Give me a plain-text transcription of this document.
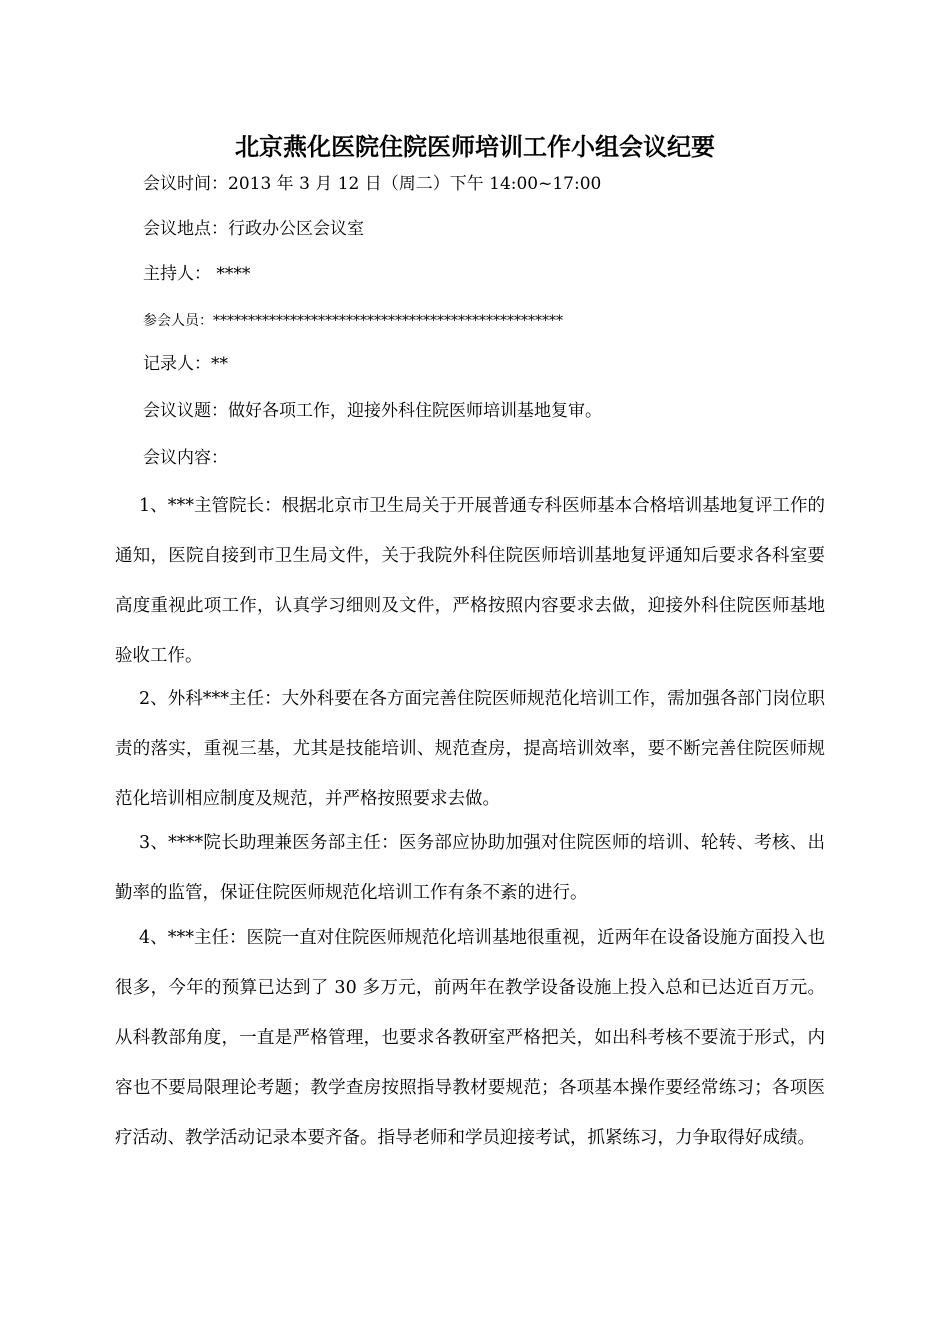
北京燕化医院住院医师培训工作小组会议纪要
会议时间：2013 年 3 月 12 日（周二）下午 14:00~17:00
会议地点：行政办公区会议室
主持人： ****
参会人员：**************************************************
记录人：**
会议议题：做好各项工作，迎接外科住院医师培训基地复审。
会议内容：

1、***主管院长：根据北京市卫生局关于开展普通专科医师基本合格培训基地复评工作的通知，医院自接到市卫生局文件，关于我院外科住院医师培训基地复评通知后要求各科室要高度重视此项工作，认真学习细则及文件，严格按照内容要求去做，迎接外科住院医师基地验收工作。

2、外科***主任：大外科要在各方面完善住院医师规范化培训工作，需加强各部门岗位职责的落实，重视三基，尤其是技能培训、规范查房，提高培训效率，要不断完善住院医师规范化培训相应制度及规范，并严格按照要求去做。

3、****院长助理兼医务部主任：医务部应协助加强对住院医师的培训、轮转、考核、出勤率的监管，保证住院医师规范化培训工作有条不紊的进行。

4、***主任：医院一直对住院医师规范化培训基地很重视，近两年在设备设施方面投入也很多，今年的预算已达到了 30 多万元，前两年在教学设备设施上投入总和已达近百万元。从科教部角度，一直是严格管理，也要求各教研室严格把关，如出科考核不要流于形式，内容也不要局限理论考题；教学查房按照指导教材要规范；各项基本操作要经常练习；各项医疗活动、教学活动记录本要齐备。指导老师和学员迎接考试，抓紧练习，力争取得好成绩。
